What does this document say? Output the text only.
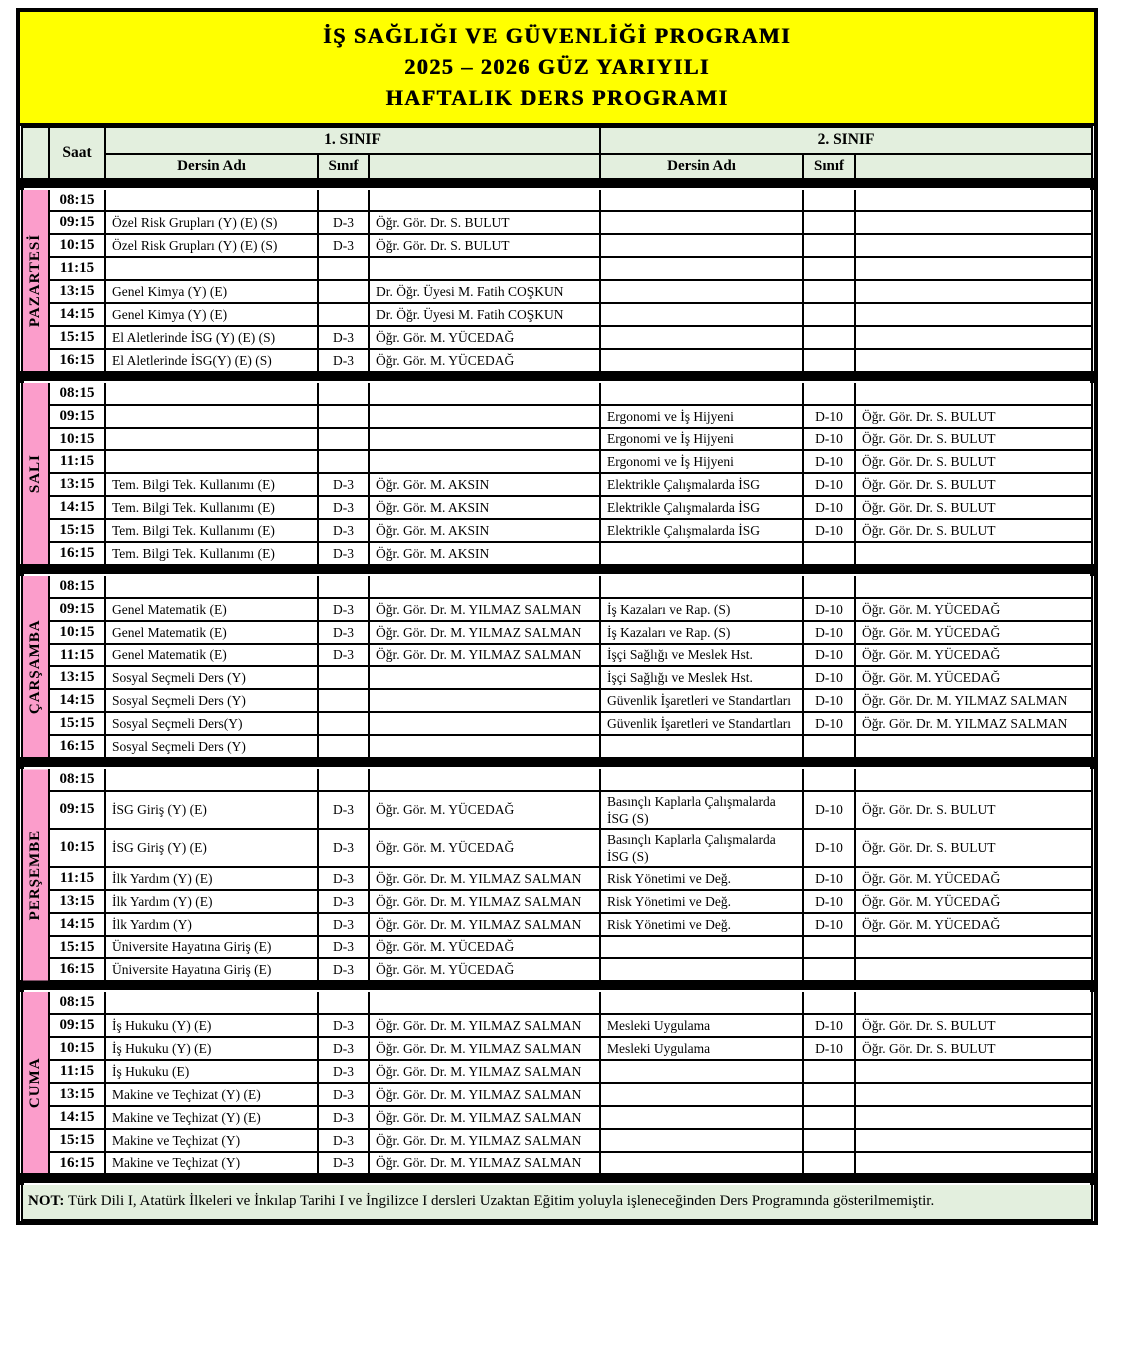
İŞ SAĞLIĞI VE GÜVENLİĞİ PROGRAMI
2025 – 2026 GÜZ YARIYILI
HAFTALIK DERS PROGRAMI
	Saat	1. SINIF			2. SINIF		
		Dersin Adı	Sınıf		Dersin Adı	Sınıf	

PAZARTESİ	08:15						
	09:15	Özel Risk Grupları (Y) (E) (S)	D-3	Öğr. Gör. Dr. S. BULUT			
	10:15	Özel Risk Grupları (Y) (E) (S)	D-3	Öğr. Gör. Dr. S. BULUT			
	11:15						
	13:15	Genel Kimya (Y) (E)		Dr. Öğr. Üyesi M. Fatih COŞKUN			
	14:15	Genel Kimya (Y) (E)		Dr. Öğr. Üyesi M. Fatih COŞKUN			
	15:15	El Aletlerinde İSG (Y) (E) (S)	D-3	Öğr. Gör. M. YÜCEDAĞ			
	16:15	El Aletlerinde İSG(Y) (E) (S)	D-3	Öğr. Gör. M. YÜCEDAĞ			

SALI	08:15						
	09:15				Ergonomi ve İş Hijyeni	D-10	Öğr. Gör. Dr. S. BULUT
	10:15				Ergonomi ve İş Hijyeni	D-10	Öğr. Gör. Dr. S. BULUT
	11:15				Ergonomi ve İş Hijyeni	D-10	Öğr. Gör. Dr. S. BULUT
	13:15	Tem. Bilgi Tek. Kullanımı (E)	D-3	Öğr. Gör. M. AKSIN	Elektrikle Çalışmalarda İSG	D-10	Öğr. Gör. Dr. S. BULUT
	14:15	Tem. Bilgi Tek. Kullanımı (E)	D-3	Öğr. Gör. M. AKSIN	Elektrikle Çalışmalarda İSG	D-10	Öğr. Gör. Dr. S. BULUT
	15:15	Tem. Bilgi Tek. Kullanımı (E)	D-3	Öğr. Gör. M. AKSIN	Elektrikle Çalışmalarda İSG	D-10	Öğr. Gör. Dr. S. BULUT
	16:15	Tem. Bilgi Tek. Kullanımı (E)	D-3	Öğr. Gör. M. AKSIN			

ÇARŞAMBA	08:15						
	09:15	Genel Matematik (E)	D-3	Öğr. Gör. Dr. M. YILMAZ SALMAN	İş Kazaları ve Rap. (S)	D-10	Öğr. Gör. M. YÜCEDAĞ
	10:15	Genel Matematik (E)	D-3	Öğr. Gör. Dr. M. YILMAZ SALMAN	İş Kazaları ve Rap. (S)	D-10	Öğr. Gör. M. YÜCEDAĞ
	11:15	Genel Matematik (E)	D-3	Öğr. Gör. Dr. M. YILMAZ SALMAN	İşçi Sağlığı ve Meslek Hst.	D-10	Öğr. Gör. M. YÜCEDAĞ
	13:15	Sosyal Seçmeli Ders (Y)			İşçi Sağlığı ve Meslek Hst.	D-10	Öğr. Gör. M. YÜCEDAĞ
	14:15	Sosyal Seçmeli Ders (Y)			Güvenlik İşaretleri ve Standartları	D-10	Öğr. Gör. Dr. M. YILMAZ SALMAN
	15:15	Sosyal Seçmeli Ders(Y)			Güvenlik İşaretleri ve Standartları	D-10	Öğr. Gör. Dr. M. YILMAZ SALMAN
	16:15	Sosyal Seçmeli Ders (Y)					

PERŞEMBE	08:15						
	09:15	İSG Giriş (Y) (E)	D-3	Öğr. Gör. M. YÜCEDAĞ	Basınçlı Kaplarla Çalışmalarda İSG (S)	D-10	Öğr. Gör. Dr. S. BULUT
	10:15	İSG Giriş (Y) (E)	D-3	Öğr. Gör. M. YÜCEDAĞ	Basınçlı Kaplarla Çalışmalarda İSG (S)	D-10	Öğr. Gör. Dr. S. BULUT
	11:15	İlk Yardım (Y) (E)	D-3	Öğr. Gör. Dr. M. YILMAZ SALMAN	Risk Yönetimi ve Değ.	D-10	Öğr. Gör. M. YÜCEDAĞ
	13:15	İlk Yardım (Y) (E)	D-3	Öğr. Gör. Dr. M. YILMAZ SALMAN	Risk Yönetimi ve Değ.	D-10	Öğr. Gör. M. YÜCEDAĞ
	14:15	İlk Yardım (Y)	D-3	Öğr. Gör. Dr. M. YILMAZ SALMAN	Risk Yönetimi ve Değ.	D-10	Öğr. Gör. M. YÜCEDAĞ
	15:15	Üniversite Hayatına Giriş (E)	D-3	Öğr. Gör. M. YÜCEDAĞ			
	16:15	Üniversite Hayatına Giriş (E)	D-3	Öğr. Gör. M. YÜCEDAĞ			

CUMA	08:15						
	09:15	İş Hukuku (Y) (E)	D-3	Öğr. Gör. Dr. M. YILMAZ SALMAN	Mesleki Uygulama	D-10	Öğr. Gör. Dr. S. BULUT
	10:15	İş Hukuku (Y) (E)	D-3	Öğr. Gör. Dr. M. YILMAZ SALMAN	Mesleki Uygulama	D-10	Öğr. Gör. Dr. S. BULUT
	11:15	İş Hukuku (E)	D-3	Öğr. Gör. Dr. M. YILMAZ SALMAN			
	13:15	Makine ve Teçhizat (Y) (E)	D-3	Öğr. Gör. Dr. M. YILMAZ SALMAN			
	14:15	Makine ve Teçhizat (Y) (E)	D-3	Öğr. Gör. Dr. M. YILMAZ SALMAN			
	15:15	Makine ve Teçhizat (Y)	D-3	Öğr. Gör. Dr. M. YILMAZ SALMAN			
	16:15	Makine ve Teçhizat (Y)	D-3	Öğr. Gör. Dr. M. YILMAZ SALMAN			

NOT: Türk Dili I, Atatürk İlkeleri ve İnkılap Tarihi I ve İngilizce I dersleri Uzaktan Eğitim yoluyla işleneceğinden Ders Programında gösterilmemiştir.							
